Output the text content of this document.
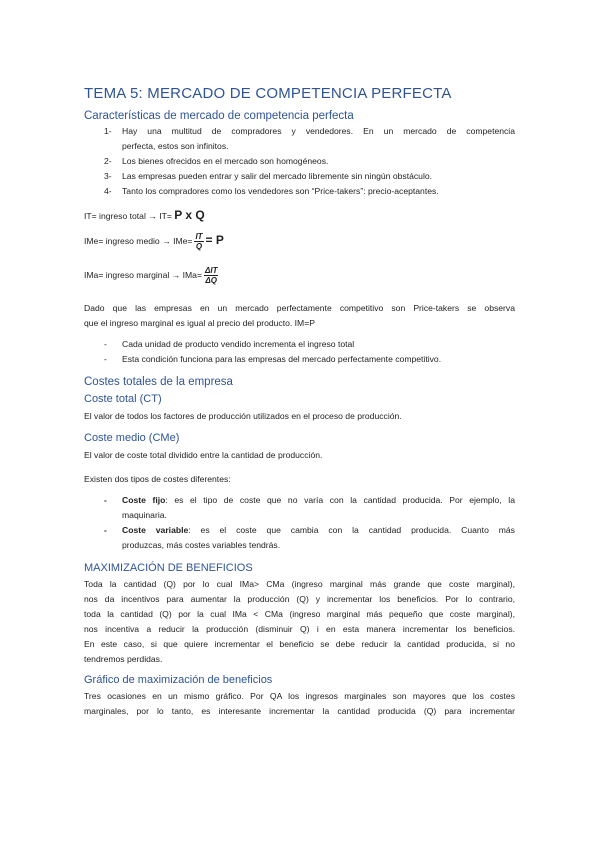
TEMA 5: MERCADO DE COMPETENCIA PERFECTA
Características de mercado de competencia perfecta
1- Hay una multitud de compradores y vendedores. En un mercado de competencia
perfecta, estos son infinitos.
2- Los bienes ofrecidos en el mercado son homogéneos.
3- Las empresas pueden entrar y salir del mercado libremente sin ningún obstáculo.
4- Tanto los compradores como los vendedores son “Price-takers”: precio-aceptantes.
IT= ingreso total → IT= P x Q
IMe= ingreso medio → $IMe= \frac{IT}{Q} = P$
IMa= ingreso marginal → $IMa= \frac{\text{ΔIT}}{\Delta Q}$
Dado que las empresas en un mercado perfectamente competitivo son Price-takers se observa
que el ingreso marginal es igual al precio del producto. IM=P
- Cada unidad de producto vendido incrementa el ingreso total
- Esta condición funciona para las empresas del mercado perfectamente competitivo.
Costes totales de la empresa
Coste total (CT)
El valor de todos los factores de producción utilizados en el proceso de producción.
Coste medio (CMe)
El valor de coste total dividido entre la cantidad de producción.
Existen dos tipos de costes diferentes:
- Coste fijo: es el tipo de coste que no varía con la cantidad producida. Por ejemplo, la
maquinaria.
- Coste variable: es el coste que cambia con la cantidad producida. Cuanto más
produzcas, más costes variables tendrás.
MAXIMIZACIÓN DE BENEFICIOS
Toda la cantidad (Q) por lo cual IMa> CMa (ingreso marginal más grande que coste marginal),
nos da incentivos para aumentar la producción (Q) y incrementar los beneficios. Por lo contrario,
toda la cantidad (Q) por la cual IMa < CMa (ingreso marginal más pequeño que coste marginal),
nos incentiva a reducir la producción (disminuir Q) i en esta manera incrementar los beneficios.
En este caso, si que quiere incrementar el beneficio se debe reducir la cantidad producida, si no
tendremos perdidas.
Gráfico de maximización de beneficios
Tres ocasiones en un mismo gráfico. Por QA los ingresos marginales son mayores que los costes
marginales, por lo tanto, es interesante incrementar la cantidad producida (Q) para incrementar
